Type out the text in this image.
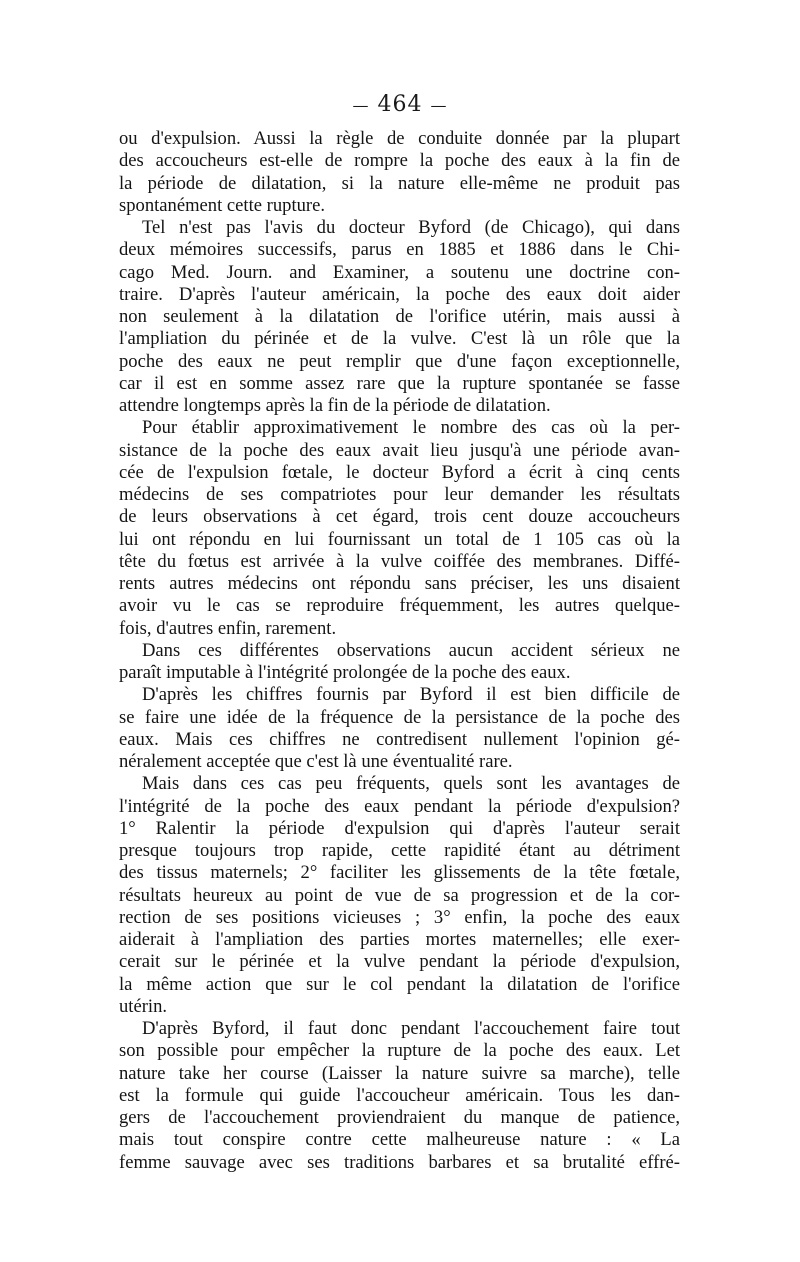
— 464 —
ou d'expulsion. Aussi la règle de conduite donnée par la plupart
des accoucheurs est-elle de rompre la poche des eaux à la fin de
la période de dilatation, si la nature elle-même ne produit pas
spontanément cette rupture.
Tel n'est pas l'avis du docteur Byford (de Chicago), qui dans
deux mémoires successifs, parus en 1885 et 1886 dans le Chi-
cago Med. Journ. and Examiner, a soutenu une doctrine con-
traire. D'après l'auteur américain, la poche des eaux doit aider
non seulement à la dilatation de l'orifice utérin, mais aussi à
l'ampliation du périnée et de la vulve. C'est là un rôle que la
poche des eaux ne peut remplir que d'une façon exceptionnelle,
car il est en somme assez rare que la rupture spontanée se fasse
attendre longtemps après la fin de la période de dilatation.
Pour établir approximativement le nombre des cas où la per-
sistance de la poche des eaux avait lieu jusqu'à une période avan-
cée de l'expulsion fœtale, le docteur Byford a écrit à cinq cents
médecins de ses compatriotes pour leur demander les résultats
de leurs observations à cet égard, trois cent douze accoucheurs
lui ont répondu en lui fournissant un total de 1 105 cas où la
tête du fœtus est arrivée à la vulve coiffée des membranes. Diffé-
rents autres médecins ont répondu sans préciser, les uns disaient
avoir vu le cas se reproduire fréquemment, les autres quelque-
fois, d'autres enfin, rarement.
Dans ces différentes observations aucun accident sérieux ne
paraît imputable à l'intégrité prolongée de la poche des eaux.
D'après les chiffres fournis par Byford il est bien difficile de
se faire une idée de la fréquence de la persistance de la poche des
eaux. Mais ces chiffres ne contredisent nullement l'opinion gé-
néralement acceptée que c'est là une éventualité rare.
Mais dans ces cas peu fréquents, quels sont les avantages de
l'intégrité de la poche des eaux pendant la période d'expulsion?
1° Ralentir la période d'expulsion qui d'après l'auteur serait
presque toujours trop rapide, cette rapidité étant au détriment
des tissus maternels; 2° faciliter les glissements de la tête fœtale,
résultats heureux au point de vue de sa progression et de la cor-
rection de ses positions vicieuses ; 3° enfin, la poche des eaux
aiderait à l'ampliation des parties mortes maternelles; elle exer-
cerait sur le périnée et la vulve pendant la période d'expulsion,
la même action que sur le col pendant la dilatation de l'orifice
utérin.
D'après Byford, il faut donc pendant l'accouchement faire tout
son possible pour empêcher la rupture de la poche des eaux. Let
nature take her course (Laisser la nature suivre sa marche), telle
est la formule qui guide l'accoucheur américain. Tous les dan-
gers de l'accouchement proviendraient du manque de patience,
mais tout conspire contre cette malheureuse nature : « La
femme sauvage avec ses traditions barbares et sa brutalité effré-
